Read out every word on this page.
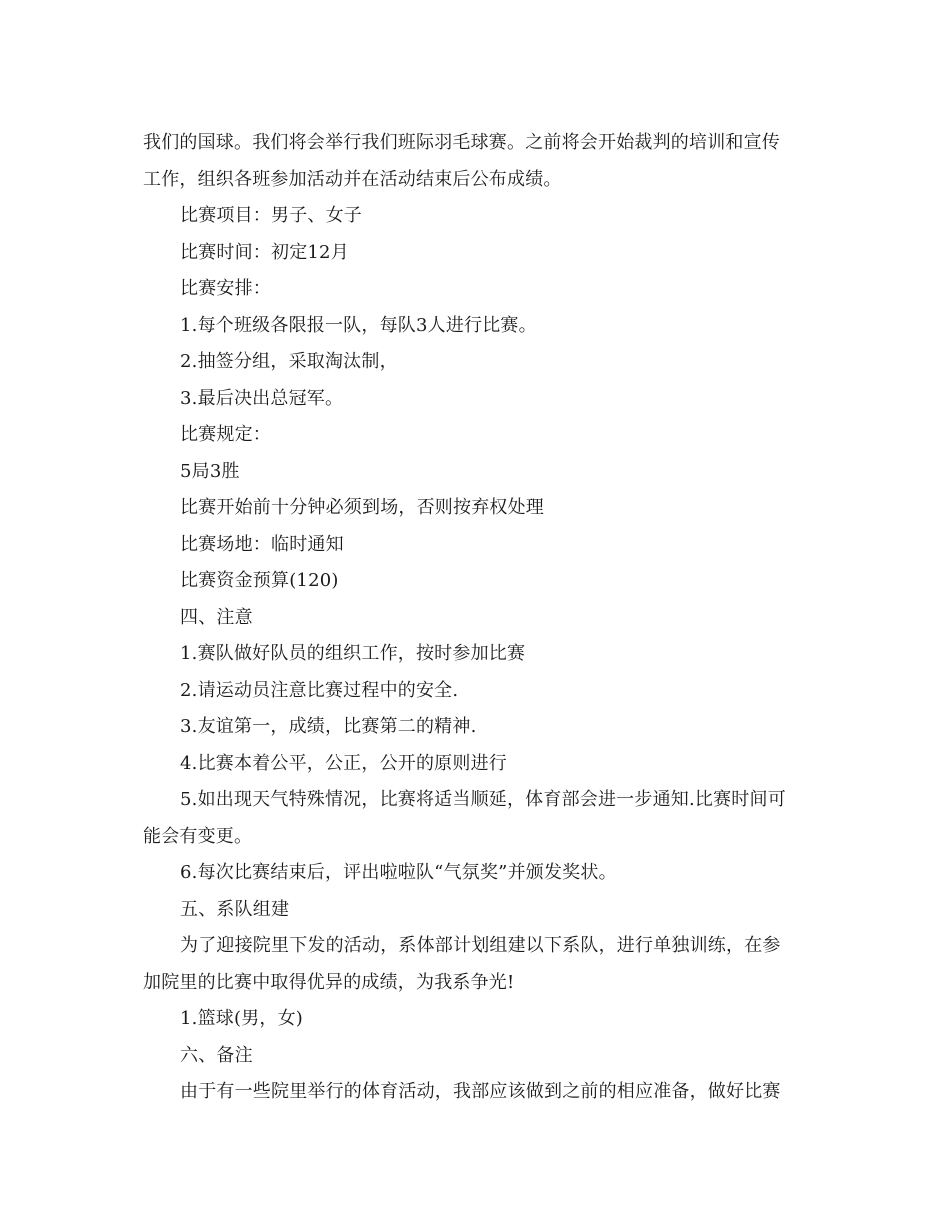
我们的国球。我们将会举行我们班际羽毛球赛。之前将会开始裁判的培训和宣传

工作，组织各班参加活动并在活动结束后公布成绩。

比赛项目：男子、女子

比赛时间：初定12月

比赛安排：

1.每个班级各限报一队，每队3人进行比赛。

2.抽签分组，采取淘汰制，

3.最后决出总冠军。

比赛规定：

5局3胜

比赛开始前十分钟必须到场，否则按弃权处理

比赛场地：临时通知

比赛资金预算(120)

四、注意

1.赛队做好队员的组织工作，按时参加比赛

2.请运动员注意比赛过程中的安全.

3.友谊第一，成绩，比赛第二的精神.

4.比赛本着公平，公正，公开的原则进行

5.如出现天气特殊情况，比赛将适当顺延，体育部会进一步通知.比赛时间可

能会有变更。

6.每次比赛结束后，评出啦啦队“气氛奖”并颁发奖状。

五、系队组建

为了迎接院里下发的活动，系体部计划组建以下系队，进行单独训练，在参

加院里的比赛中取得优异的成绩，为我系争光!

1.篮球(男，女)

六、备注

由于有一些院里举行的体育活动，我部应该做到之前的相应准备，做好比赛
